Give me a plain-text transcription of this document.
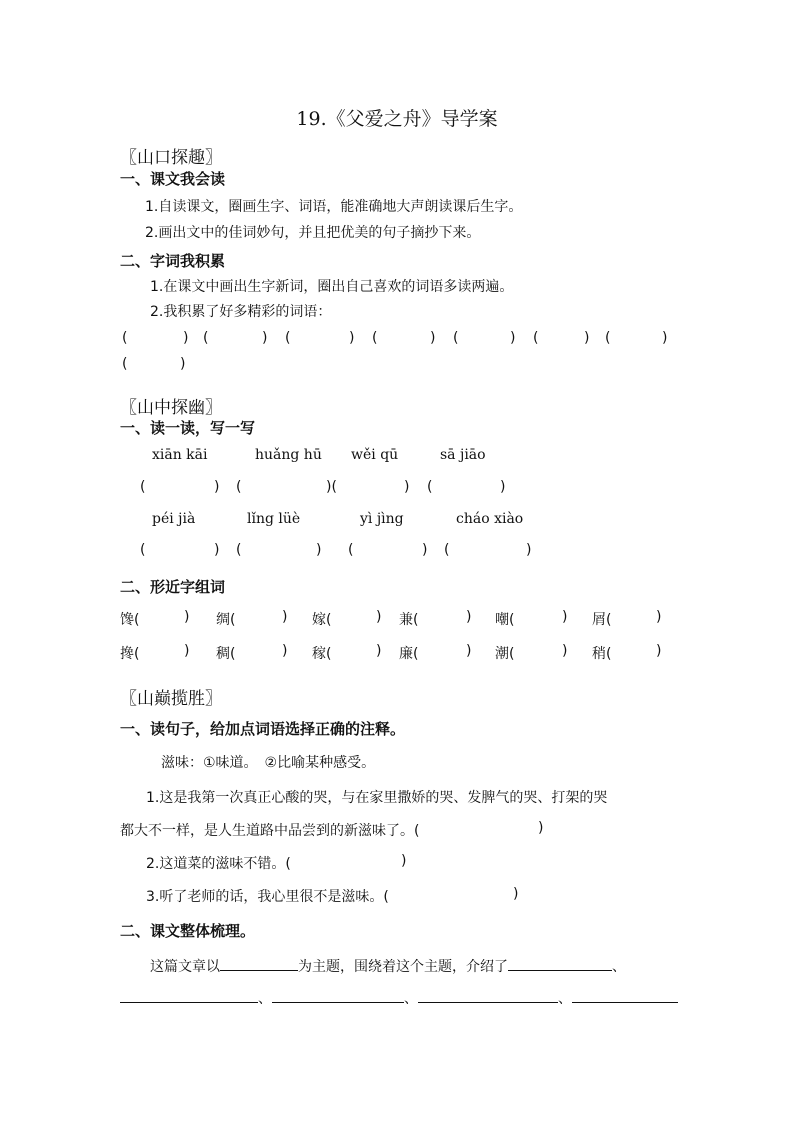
19.《父爱之舟》导学案
〖山口探趣〗
一、课文我会读
1.自读课文，圈画生字、词语，能准确地大声朗读课后生字。
2.画出文中的佳词妙句，并且把优美的句子摘抄下来。
二、字词我积累
1.在课文中画出生字新词，圈出自己喜欢的词语多读两遍。
2.我积累了好多精彩的词语：
(	) (	) (	) (	) (	) (	) (	)
(	)
〖山中探幽〗
一、读一读，写一写
xiān kāi	huǎng hū wěi qū	sā jiāo
(	) (	)(	) (	)
péi jià	lǐng lüè	yì jìng	cháo xiào
(	) (	) (	) (	)
二、形近字组词
馋(	) 绸(	) 嫁(	) 兼(	) 嘲(	) 屑(	)
搀(	) 稠(	) 稼(	) 廉(	) 潮(	) 稍(	)
〖山巅揽胜〗
一、读句子，给加点词语选择正确的注释。
滋味：①味道。　②比喻某种感受。
1.这是我第一次真正心酸的哭，与在家里撒娇的哭、发脾气的哭、打架的哭
都大不一样，是人生道路中品尝到的新滋味了。(	)
2.这道菜的滋味不错。(	)
3.听了老师的话，我心里很不是滋味。(	)
二、课文整体梳理。
这篇文章以	为主题，围绕着这个主题，介绍了	、
、	、	、
